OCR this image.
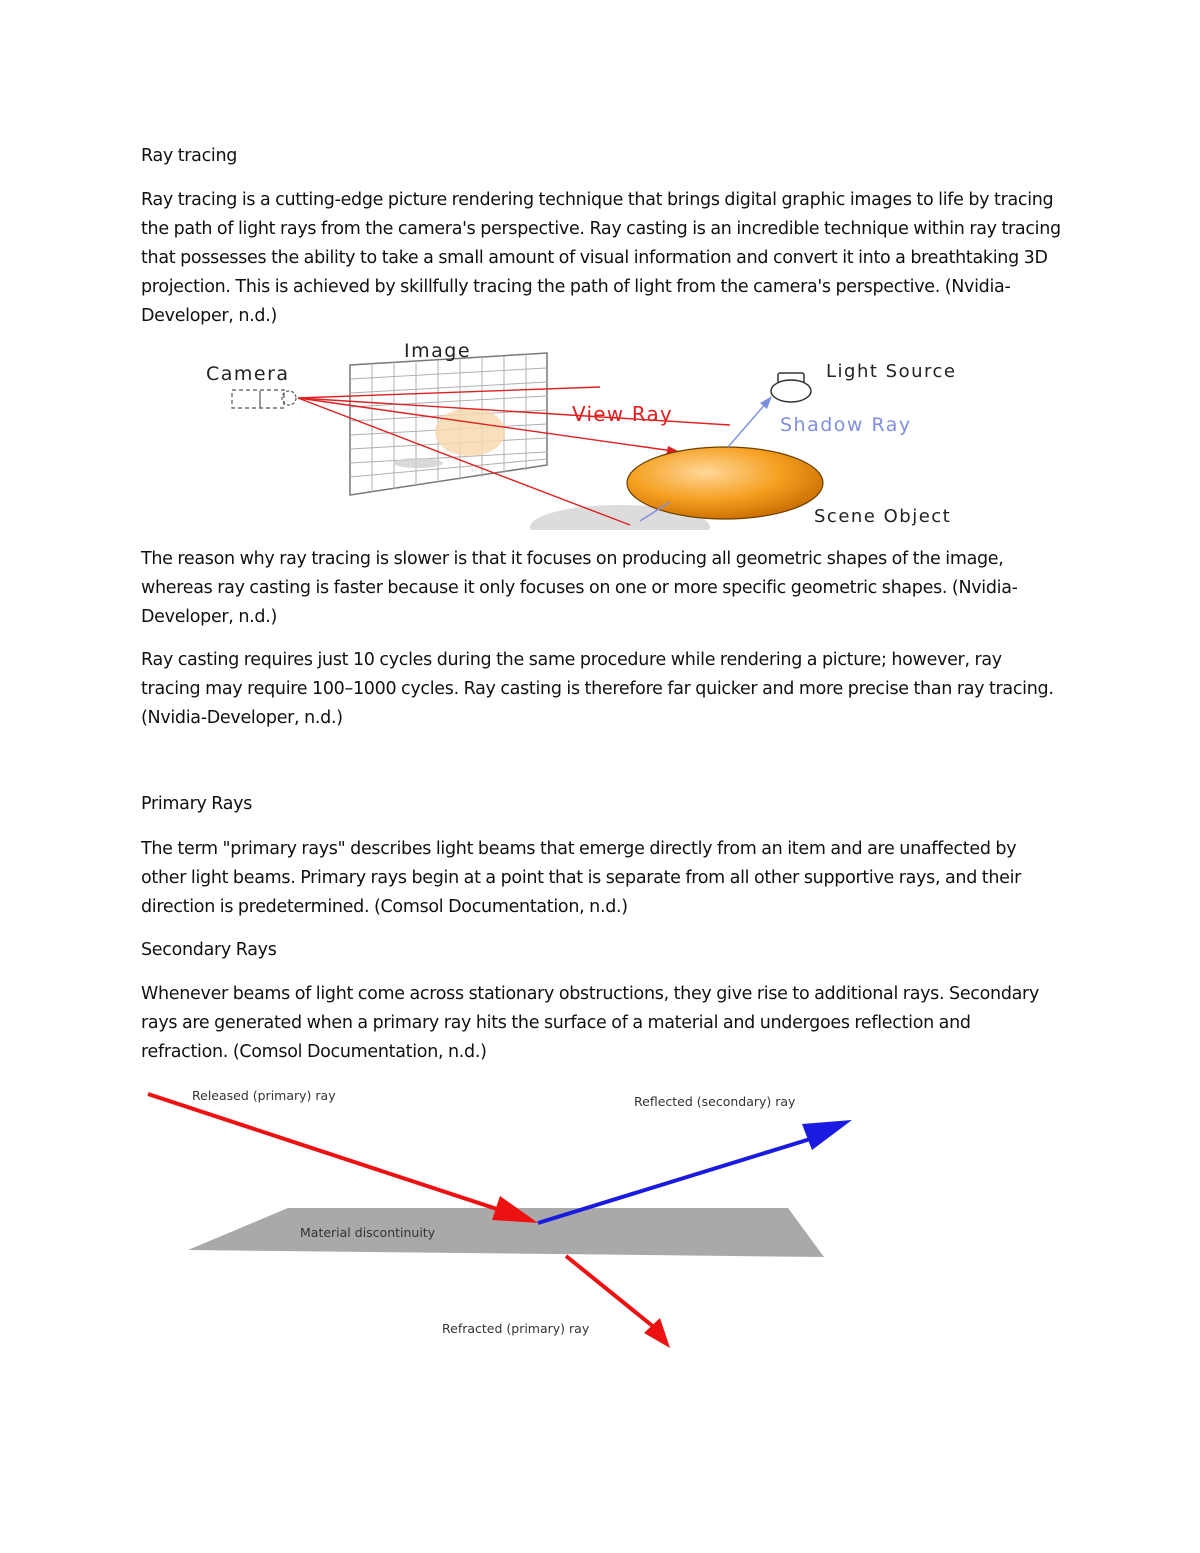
Ray tracing

Ray tracing is a cutting-edge picture rendering technique that brings digital graphic images to life by tracing the path of light rays from the camera's perspective. Ray casting is an incredible technique within ray tracing that possesses the ability to take a small amount of visual information and convert it into a breathtaking 3D projection. This is achieved by skillfully tracing the path of light from the camera's perspective. (Nvidia-Developer, n.d.)

Image
Camera	Light Source
View Ray	Shadow Ray
Scene Object

The reason why ray tracing is slower is that it focuses on producing all geometric shapes of the image, whereas ray casting is faster because it only focuses on one or more specific geometric shapes. (Nvidia-Developer, n.d.)

Ray casting requires just 10 cycles during the same procedure while rendering a picture; however, ray tracing may require 100–1000 cycles. Ray casting is therefore far quicker and more precise than ray tracing. (Nvidia-Developer, n.d.)

Primary Rays

The term "primary rays" describes light beams that emerge directly from an item and are unaffected by other light beams. Primary rays begin at a point that is separate from all other supportive rays, and their direction is predetermined. (Comsol Documentation, n.d.)

Secondary Rays

Whenever beams of light come across stationary obstructions, they give rise to additional rays. Secondary rays are generated when a primary ray hits the surface of a material and undergoes reflection and refraction. (Comsol Documentation, n.d.)

Released (primary) ray	Reflected (secondary) ray
Material discontinuity
Refracted (primary) ray
